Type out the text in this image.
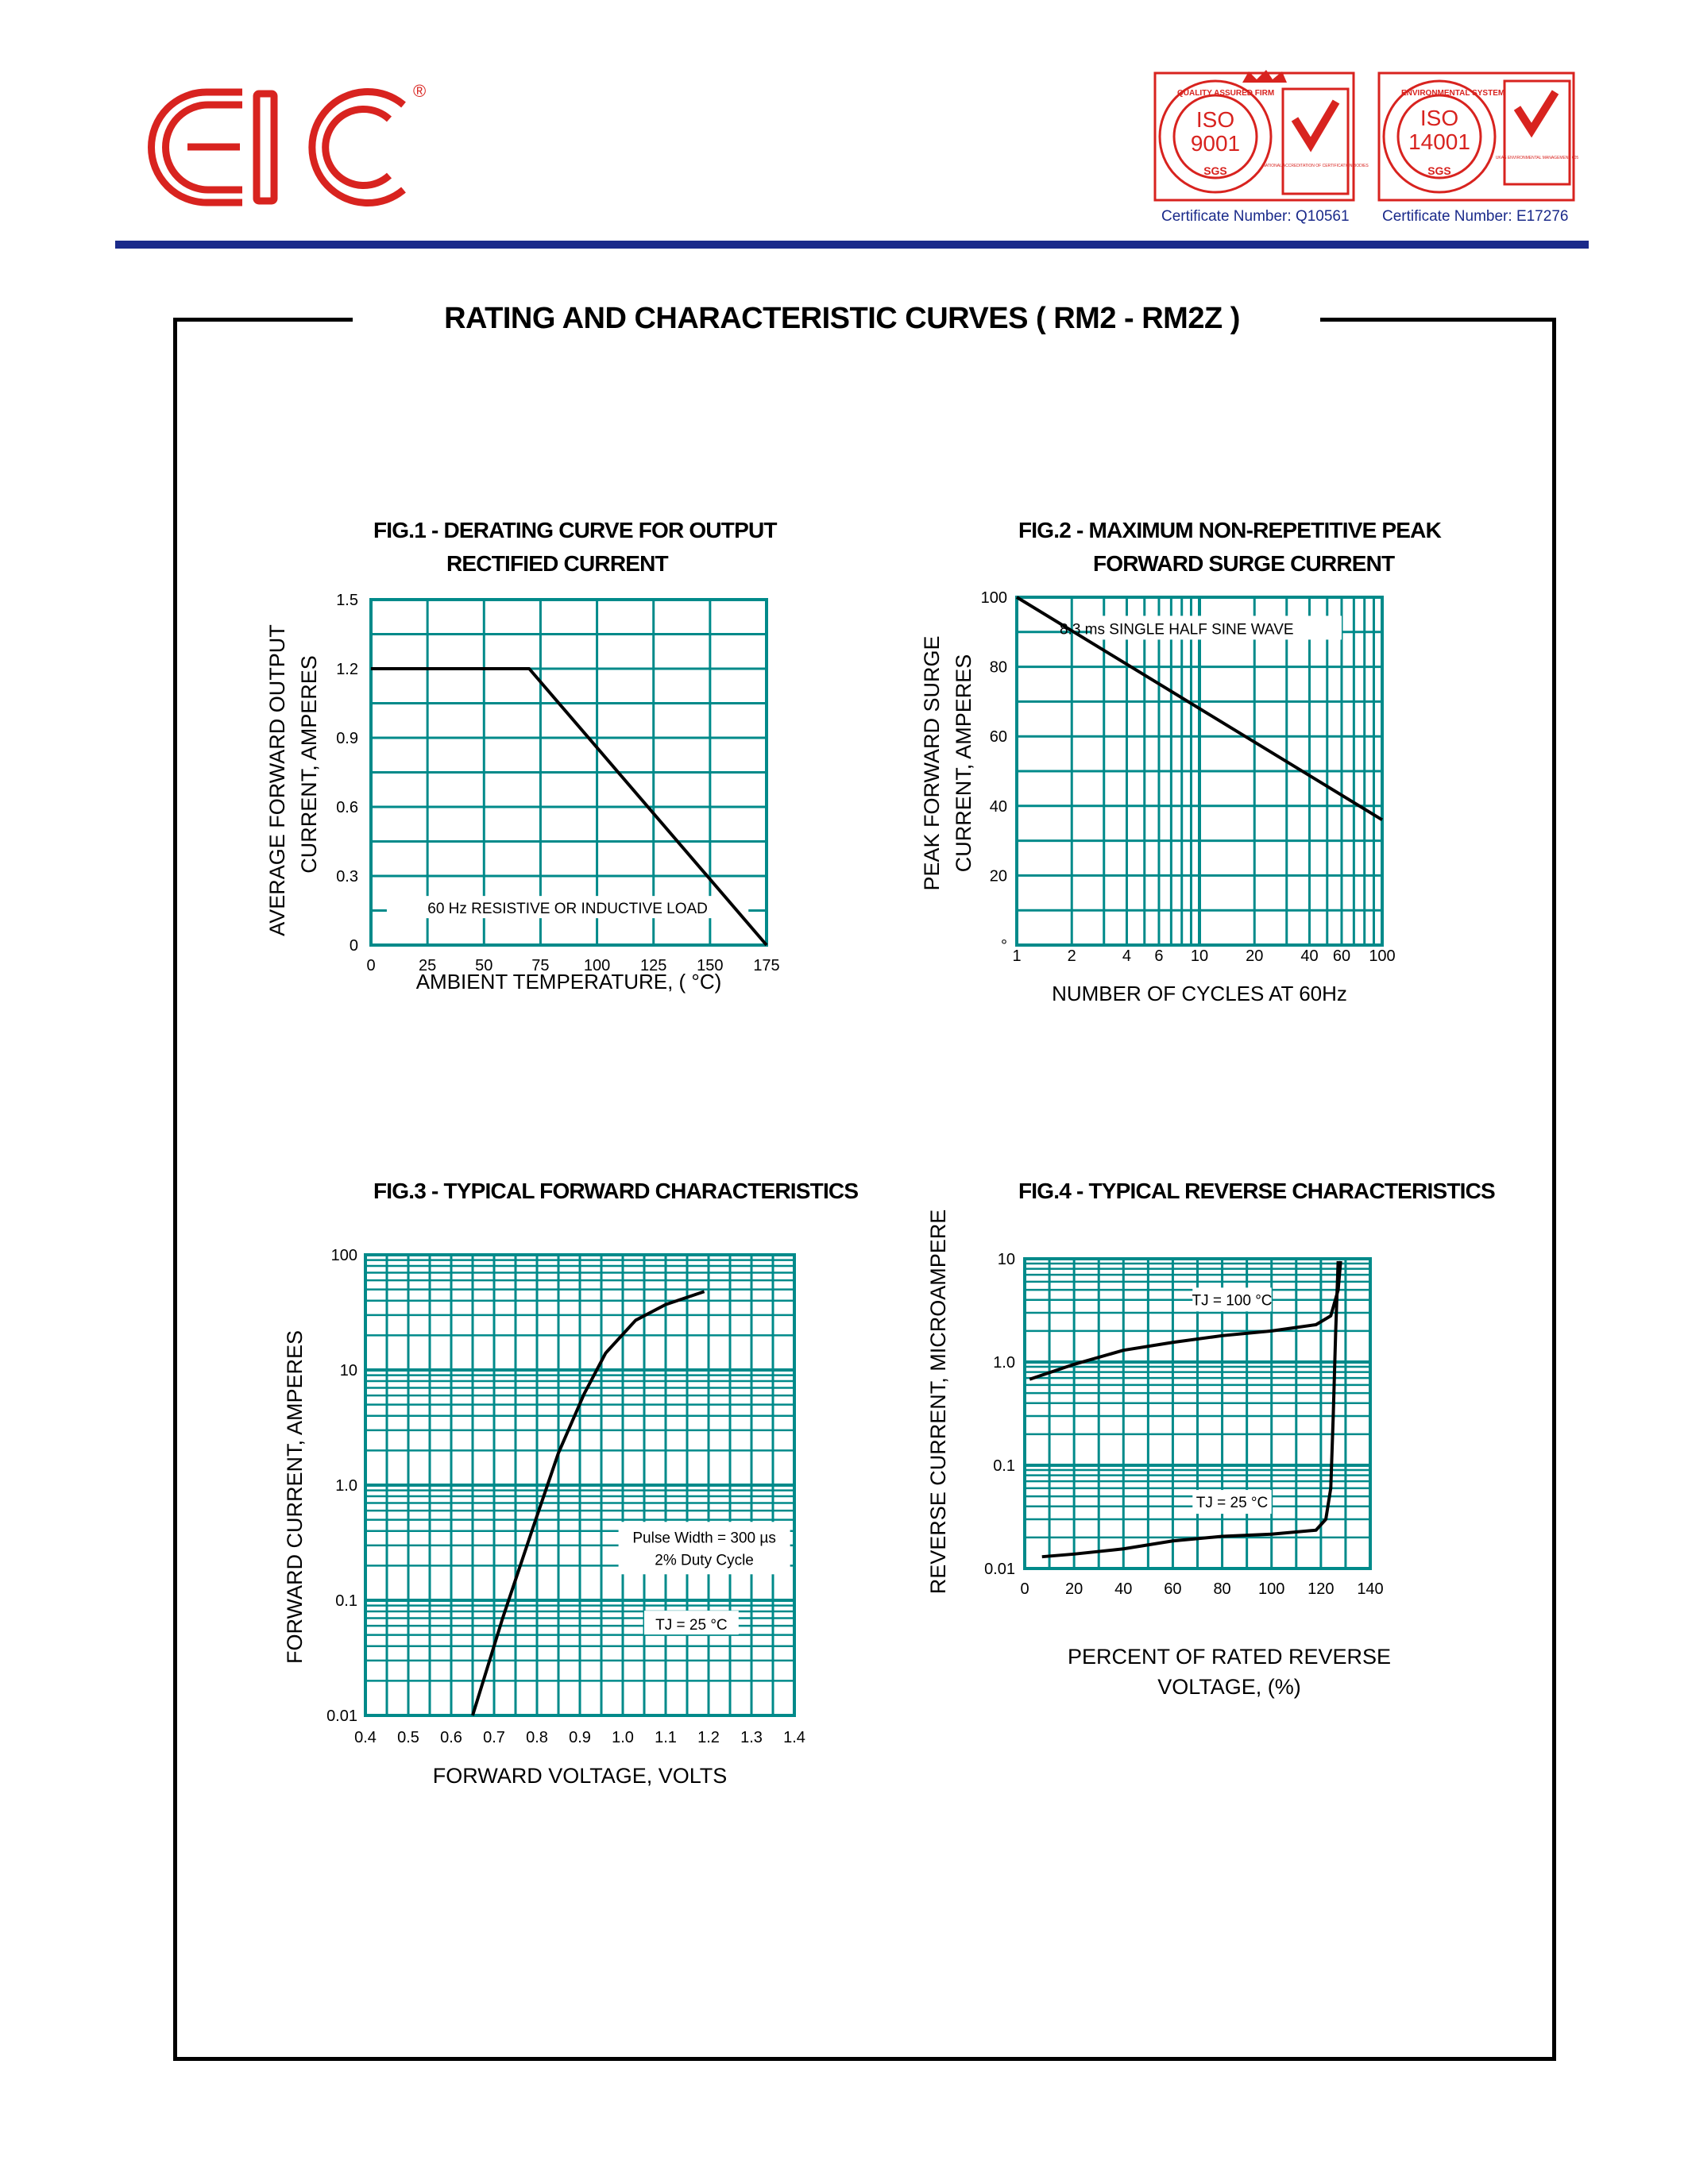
®	QUALITY ASSURED FIRM
ISO
9001
SGS	NATIONAL ACCREDITATION OF CERTIFICATION BODIES
ENVIRONMENTAL SYSTEM
ISO
14001
SGS
UKAS ENVIRONMENTAL MANAGEMENT 005
Certificate Number: Q10561 Certificate Number: E17276
RATING AND CHARACTERISTIC CURVES ( RM2 - RM2Z )
FIG.1 - DERATING CURVE FOR OUTPUT
RECTIFIED CURRENT
FIG.2 - MAXIMUM NON-REPETITIVE PEAK
FORWARD SURGE CURRENT
FIG.3 - TYPICAL FORWARD CHARACTERISTICS	FIG.4 - TYPICAL REVERSE CHARACTERISTICS
60 Hz RESISTIVE OR INDUCTIVE LOAD
0	25 50 75 100 125 150 175
0
0.3
0.6
0.9
1.2
1.5
AMBIENT TEMPERATURE, ( °C)
AVERAGE FORWARD OUTPUT CURRENT, AMPERES
8.3 ms SINGLE HALF SINE WAVE
1	2	4 6 10 20 40 60 100
°
20
40
60
80
100
NUMBER OF CYCLES AT 60Hz
PEAK FORWARD SURGE CURRENT, AMPERES
Pulse Width = 300 µs
2% Duty Cycle
TJ = 25 °C
0.4 0.5 0.6 0.7 0.8 0.9 1.0 1.1 1.2 1.3 1.4
0.01
0.1
1.0
10
100
FORWARD VOLTAGE, VOLTS
FORWARD CURRENT, AMPERES
TJ = 100 °C
TJ = 25 °C
0 20 40 60 80 100 120 140
0.01
0.1
1.0
10
PERCENT OF RATED REVERSE
VOLTAGE, (%)
REVERSE CURRENT, MICROAMPERE
